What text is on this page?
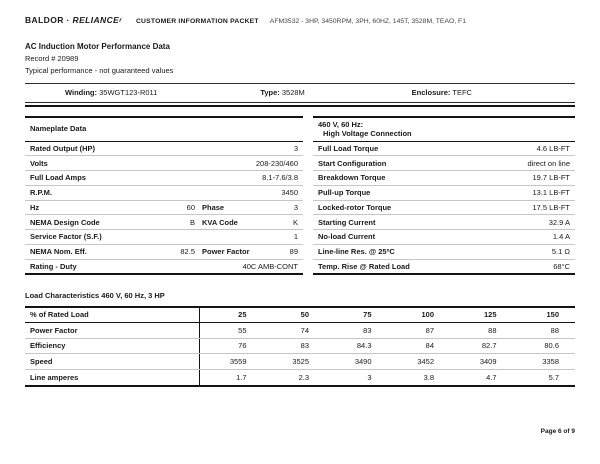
BALDOR · RELIANCEr CUSTOMER INFORMATION PACKET AFM3532 - 3HP, 3450RPM, 3PH, 60HZ, 145T, 3528M, TEAO, F1
AC Induction Motor Performance Data
Record # 20989
Typical performance - not guaranteed values
Winding: 35WGT123-R011	Type: 3528M	Enclosure: TEFC
Nameplate Data
Rated Output (HP)	3
Volts	208-230/460
Full Load Amps	8.1-7.6/3.8
R.P.M.	3450
Hz	60 Phase	3
NEMA Design Code	B KVA Code	K
Service Factor (S.F.)	1
NEMA Nom. Eff.	82.5 Power Factor	89
Rating - Duty	40C AMB-CONT
460 V, 60 Hz:
High Voltage Connection
Full Load Torque	4.6 LB-FT
Start Configuration	direct on line
Breakdown Torque	19.7 LB-FT
Pull-up Torque	13.1 LB-FT
Locked-rotor Torque	17.5 LB-FT
Starting Current	32.9 A
No-load Current	1.4 A
Line-line Res. @ 25ºC	5.1 Ω
Temp. Rise @ Rated Load	68°C
Load Characteristics 460 V, 60 Hz, 3 HP
% of Rated Load	25	50	75	100	125	150
Power Factor	55	74	83	87	88	88
Efficiency	76	83	84.3	84	82.7	80.6
Speed	3559	3525	3490	3452	3409	3358
Line amperes	1.7	2.3	3	3.8	4.7	5.7
Page 6 of 9
